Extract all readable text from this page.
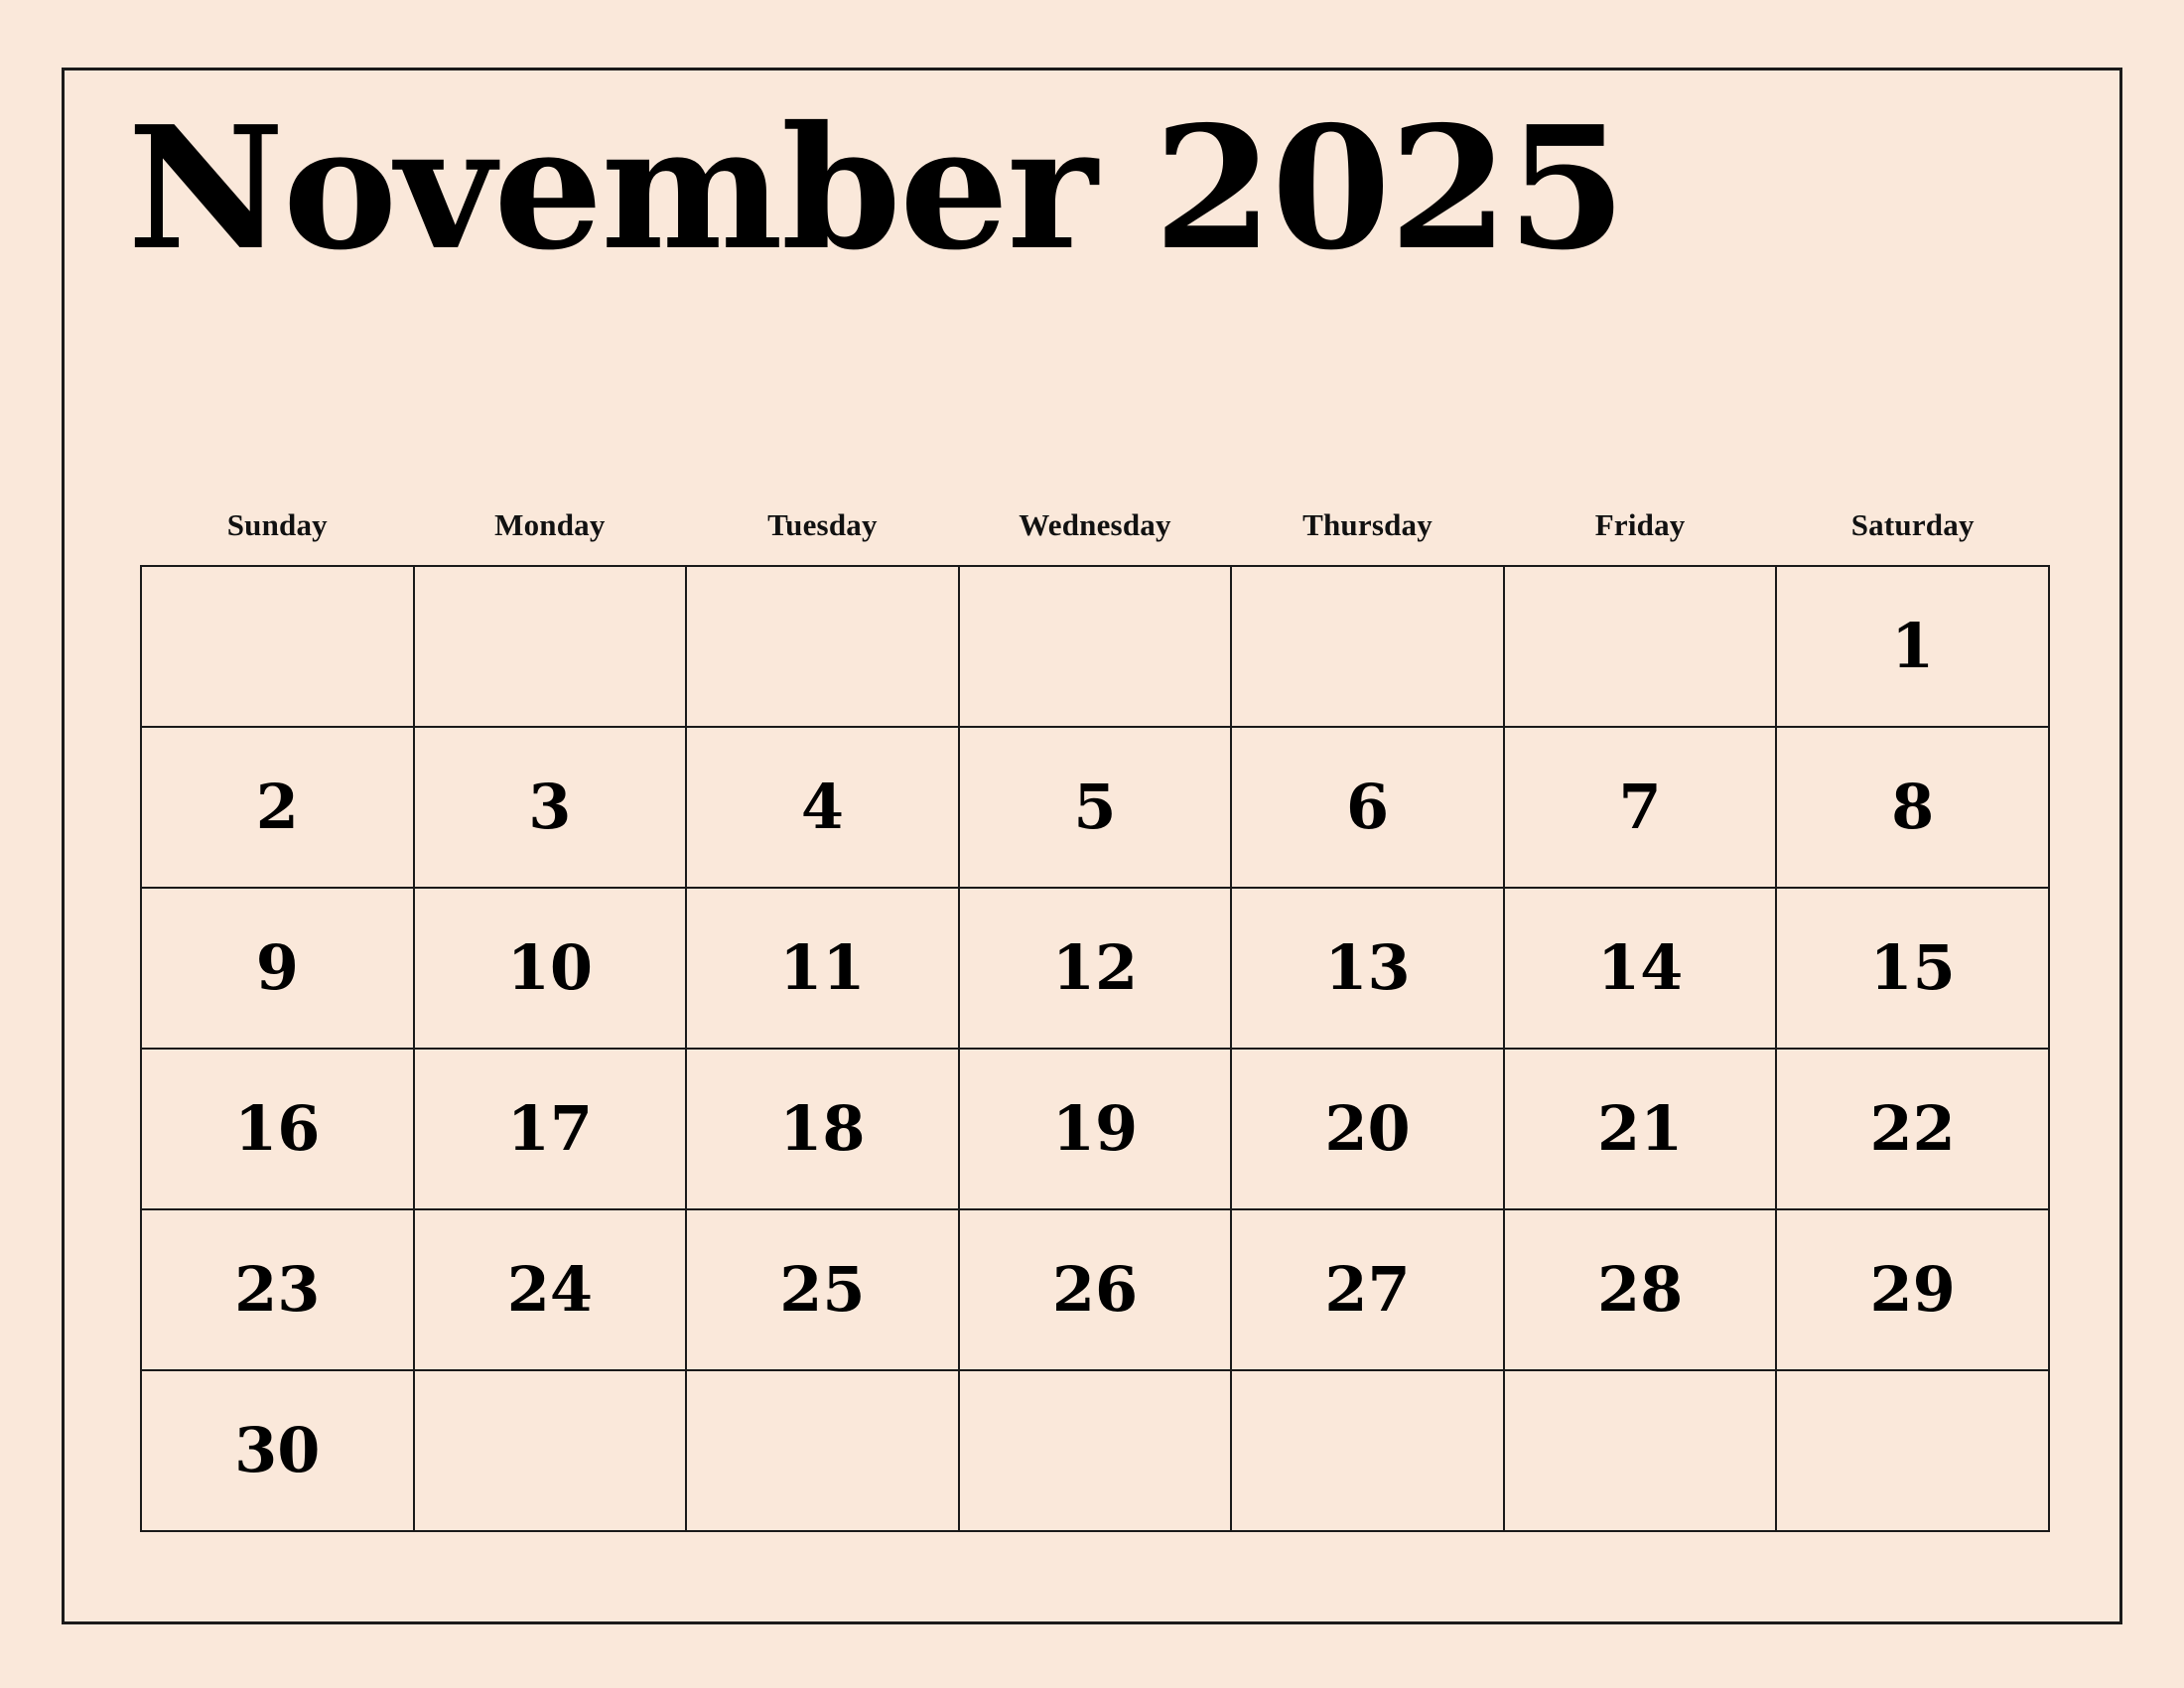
November 2025
Sunday	Monday	Tuesday	Wednesday	Thursday	Friday	Saturday

						1

2	3	4	5	6	7	8

9	10	11	12	13	14	15

16	17	18	19	20	21	22

23	24	25	26	27	28	29

30						
